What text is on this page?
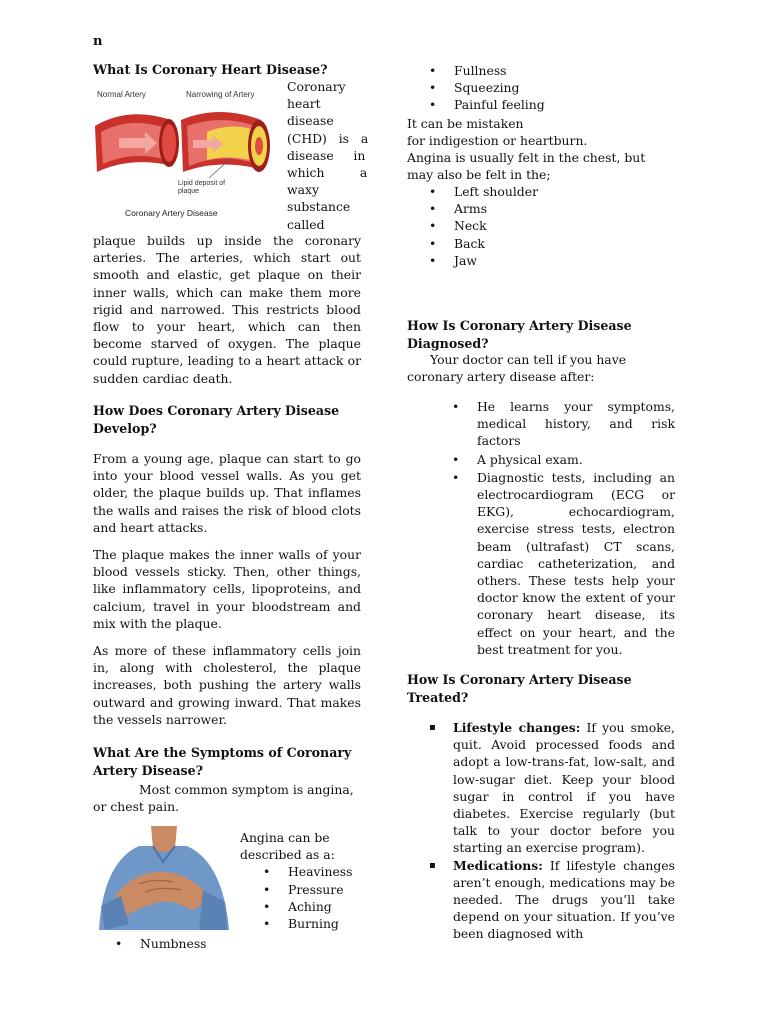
n
What Is Coronary Heart Disease?
Normal Artery	Narrowing of Artery
Lipid deposit of plaque
Coronary Artery Disease
Coronary
heart
disease
(CHD)   is   a
disease     in
which         a
waxy
substance
called

plaque builds up inside the coronary arteries. The arteries, which start out smooth and elastic, get plaque on their inner walls, which can make them more rigid and narrowed. This restricts blood flow to your heart, which can then become starved of oxygen. The plaque could rupture, leading to a heart attack or sudden cardiac death.

How Does Coronary Artery Disease Develop?

From a young age, plaque can start to go into your blood vessel walls. As you get older, the plaque builds up. That inflames the walls and raises the risk of blood clots and heart attacks.

The plaque makes the inner walls of your blood vessels sticky. Then, other things, like inflammatory cells, lipoproteins, and calcium, travel in your bloodstream and mix with the plaque.

As more of these inflammatory cells join in, along with cholesterol, the plaque increases, both pushing the artery walls outward and growing inward. That makes the vessels narrower.

What Are the Symptoms of Coronary Artery Disease?

Most common symptom is angina, or chest pain.

Angina can be described as a:

• Heaviness
• Pressure
• Aching
• Burning
• Numbness
• Fullness
• Squeezing
• Painful feeling

It can be mistaken

for indigestion or heartburn.

Angina is usually felt in the chest, but may also be felt in the;

• Left shoulder
• Arms
• Neck
• Back
• Jaw
How Is Coronary Artery Disease Diagnosed?

Your doctor can tell if you have coronary artery disease after:

• He learns your symptoms, medical history, and risk factors
• A physical exam.
• Diagnostic tests, including an electrocardiogram (ECG or EKG), echocardiogram, exercise stress tests, electron beam (ultrafast) CT scans, cardiac catheterization, and others. These tests help your doctor know the extent of your coronary heart disease, its effect on your heart, and the best treatment for you.
How Is Coronary Artery Disease Treated?
▪ Lifestyle changes: If you smoke, quit. Avoid processed foods and adopt a low-trans-fat, low-salt, and low-sugar diet. Keep your blood sugar in control if you have diabetes. Exercise regularly (but talk to your doctor before you starting an exercise program).
▪ Medications: If lifestyle changes aren’t enough, medications may be needed. The drugs you’ll take depend on your situation. If you’ve been diagnosed with
